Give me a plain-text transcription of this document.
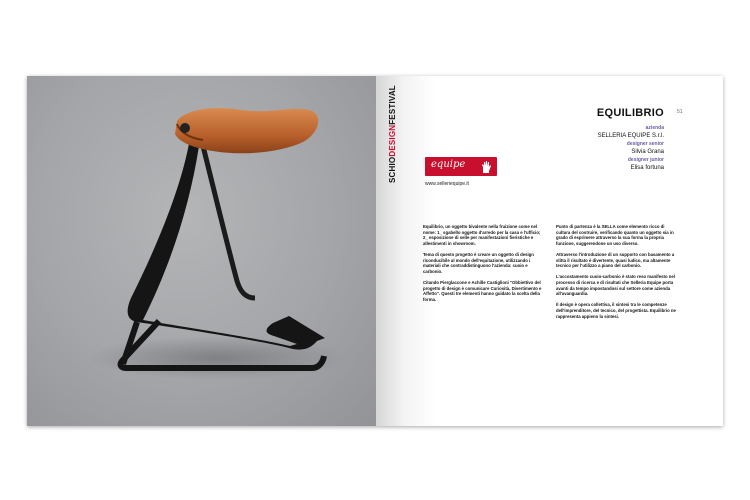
SCHIODESIGNFESTIVAL
equipe
www.selleriequipe.it
EQUILIBRIO	51
azienda
SELLERIA EQUIPE S.r.l.
designer senior
Silvia Grana
designer junior
Elisa fortuna

Equilibrio, un oggetto bivalente nella fruizione come nel nome: 1_ sgabello oggetto d'arredo per la casa e l'ufficio; 2_ esposizione di selle per manifestazioni fieristiche e allestimenti in showroom.

Tema di questo progetto è creare un oggetto di design riconducibile al mondo dell'equitazione, utilizzando i materiali che contraddistinguono l'azienda: cuoio e carbonio.

Citando Pierglaccone e Achille Castiglioni "Obbiettivo del progetto di design è comunicare Curiosità, Divertimento e Affetto". Questi tre elementi hanno guidato la scelta della forma.

Punto di partenza è la SELLA come elemento ricco di cultura del costruire, verificando quanto un oggetto sia in grado di esprimere attraverso la sua forma la propria funzione, suggerendone un uso diverso.

Attraverso l'introduzione di un supporto con basamento a slitta il risultato è divertente, quasi ludico, ma altamente tecnico per l'utilizzo a piano del carbonio.

L'accostamento cuoio-carbonio è stato reso manifesto nel processo di ricerca e di risultati che Selleria Equipe porta avanti da tempo impostandosi sul settore come azienda all'avanguardia.

Il design è opera collettiva, il sintesi tra le competenze dell'imprenditore, del tecnico, del progettista. Equilibrio ne rappresenta appieno la sintesi.
